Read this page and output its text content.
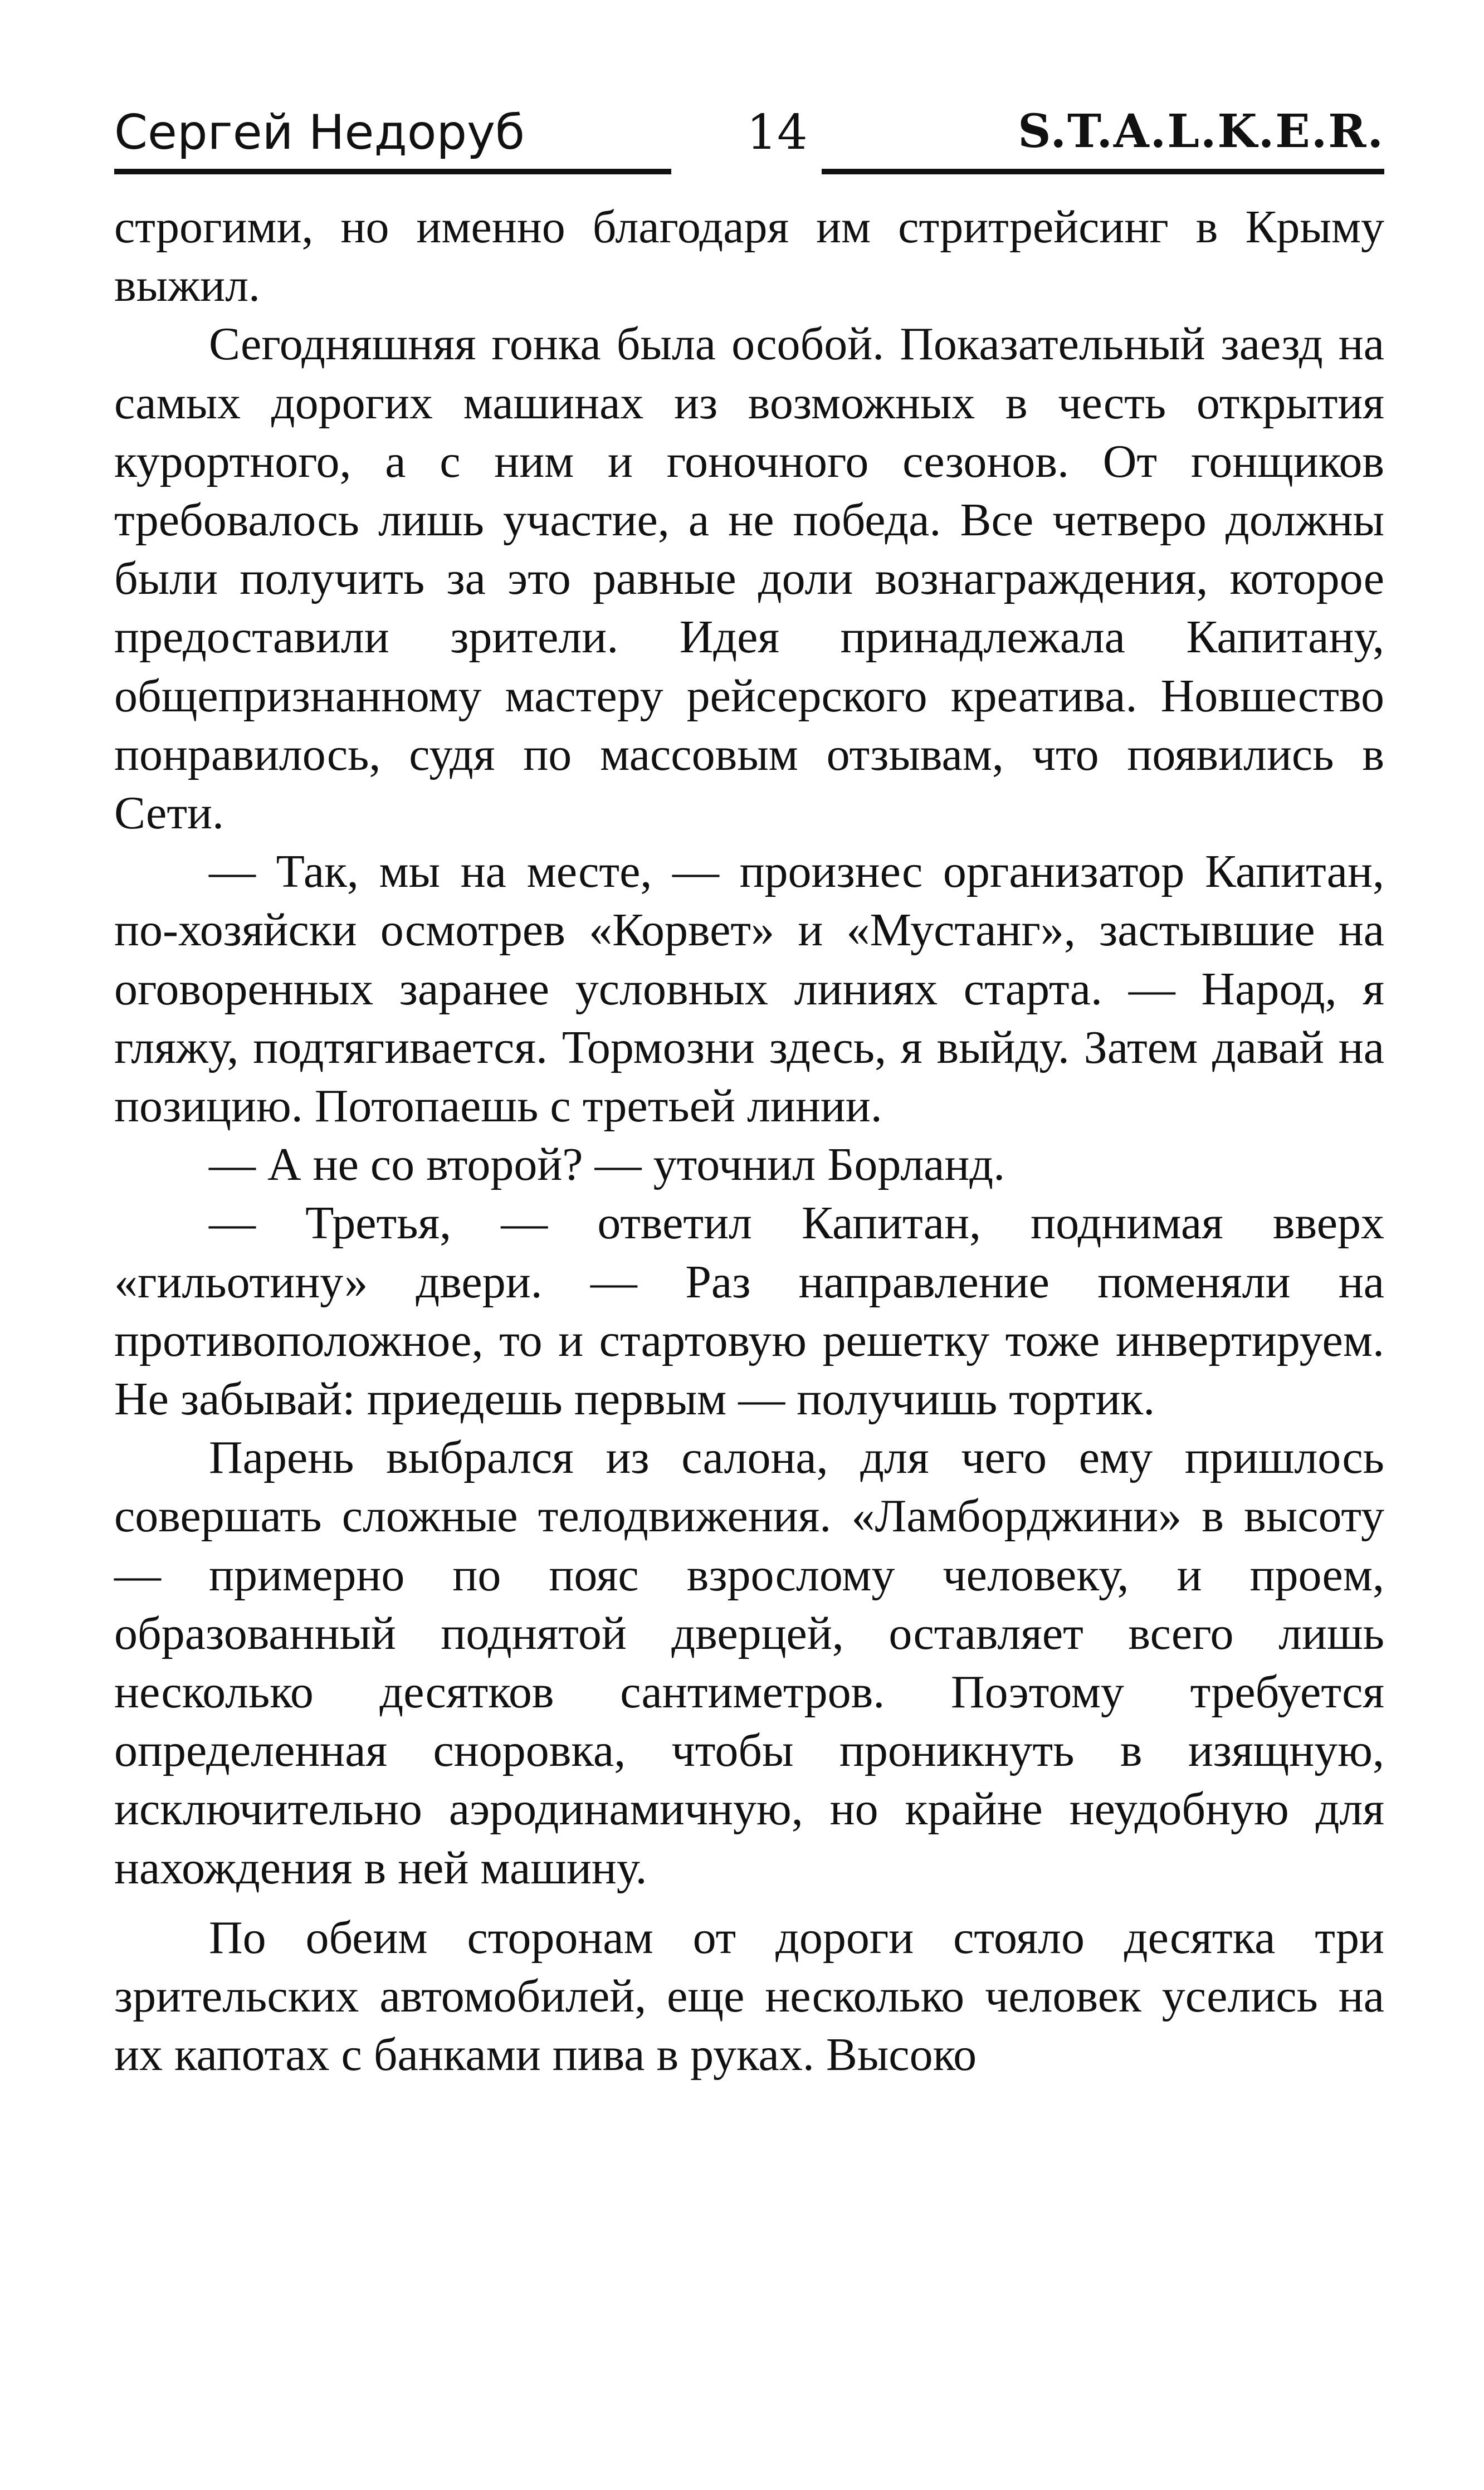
Сергей Недоруб	14	S.T.A.L.K.E.R.

строгими, но именно благодаря им стритрейсинг в Крыму выжил.

Сегодняшняя гонка была особой. Показательный заезд на самых дорогих машинах из возможных в честь открытия курортного, а с ним и гоночного сезонов. От гонщиков требовалось лишь участие, а не победа. Все четверо должны были получить за это равные доли вознаграждения, которое предоставили зрители. Идея принадлежала Капитану, общепризнанному мастеру рейсерского креатива. Новшество понравилось, судя по массовым отзывам, что появились в Сети.

— Так, мы на месте, — произнес организатор Капитан, по-хозяйски осмотрев «Корвет» и «Мустанг», застывшие на оговоренных заранее условных линиях старта. — Народ, я гляжу, подтягивается. Тормозни здесь, я выйду. Затем давай на позицию. Потопаешь с третьей линии.

— А не со второй? — уточнил Борланд.

— Третья, — ответил Капитан, поднимая вверх «гильотину» двери. — Раз направление поменяли на противоположное, то и стартовую решетку тоже инвертируем. Не забывай: приедешь первым — получишь тортик.

Парень выбрался из салона, для чего ему пришлось совершать сложные телодвижения. «Ламборджини» в высоту — примерно по пояс взрослому человеку, и проем, образованный поднятой дверцей, оставляет всего лишь несколько десятков сантиметров. Поэтому требуется определенная сноровка, чтобы проникнуть в изящную, исключительно аэродинамичную, но крайне неудобную для нахождения в ней машину.

По обеим сторонам от дороги стояло десятка три зрительских автомобилей, еще несколько человек уселись на их капотах с банками пива в руках. Высоко
